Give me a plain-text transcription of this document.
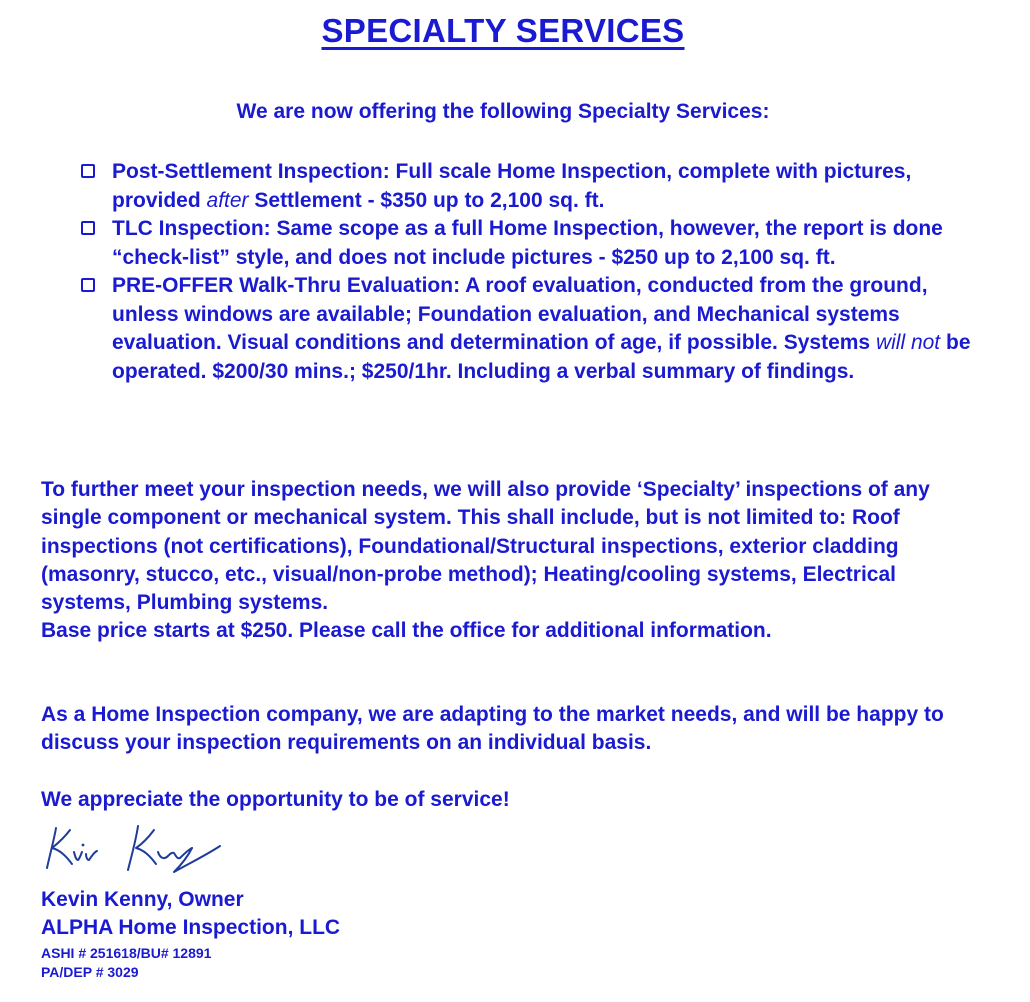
SPECIALTY SERVICES
We are now offering the following Specialty Services:
Post-Settlement Inspection: Full scale Home Inspection, complete with pictures, provided after Settlement - $350 up to 2,100 sq. ft.
TLC Inspection: Same scope as a full Home Inspection, however, the report is done “check-list” style, and does not include pictures - $250 up to 2,100 sq. ft.
PRE-OFFER Walk-Thru Evaluation: A roof evaluation, conducted from the ground, unless windows are available; Foundation evaluation, and Mechanical systems evaluation. Visual conditions and determination of age, if possible. Systems will not be operated. $200/30 mins.; $250/1hr. Including a verbal summary of findings.
To further meet your inspection needs, we will also provide ‘Specialty’ inspections of any single component or mechanical system. This shall include, but is not limited to: Roof inspections (not certifications), Foundational/Structural inspections, exterior cladding (masonry, stucco, etc., visual/non-probe method); Heating/cooling systems, Electrical systems, Plumbing systems.
Base price starts at $250. Please call the office for additional information.
As a Home Inspection company, we are adapting to the market needs, and will be happy to discuss your inspection requirements on an individual basis.
We appreciate the opportunity to be of service!
Kevin Kenny, Owner
ALPHA Home Inspection, LLC
ASHI # 251618/BU# 12891
PA/DEP # 3029
